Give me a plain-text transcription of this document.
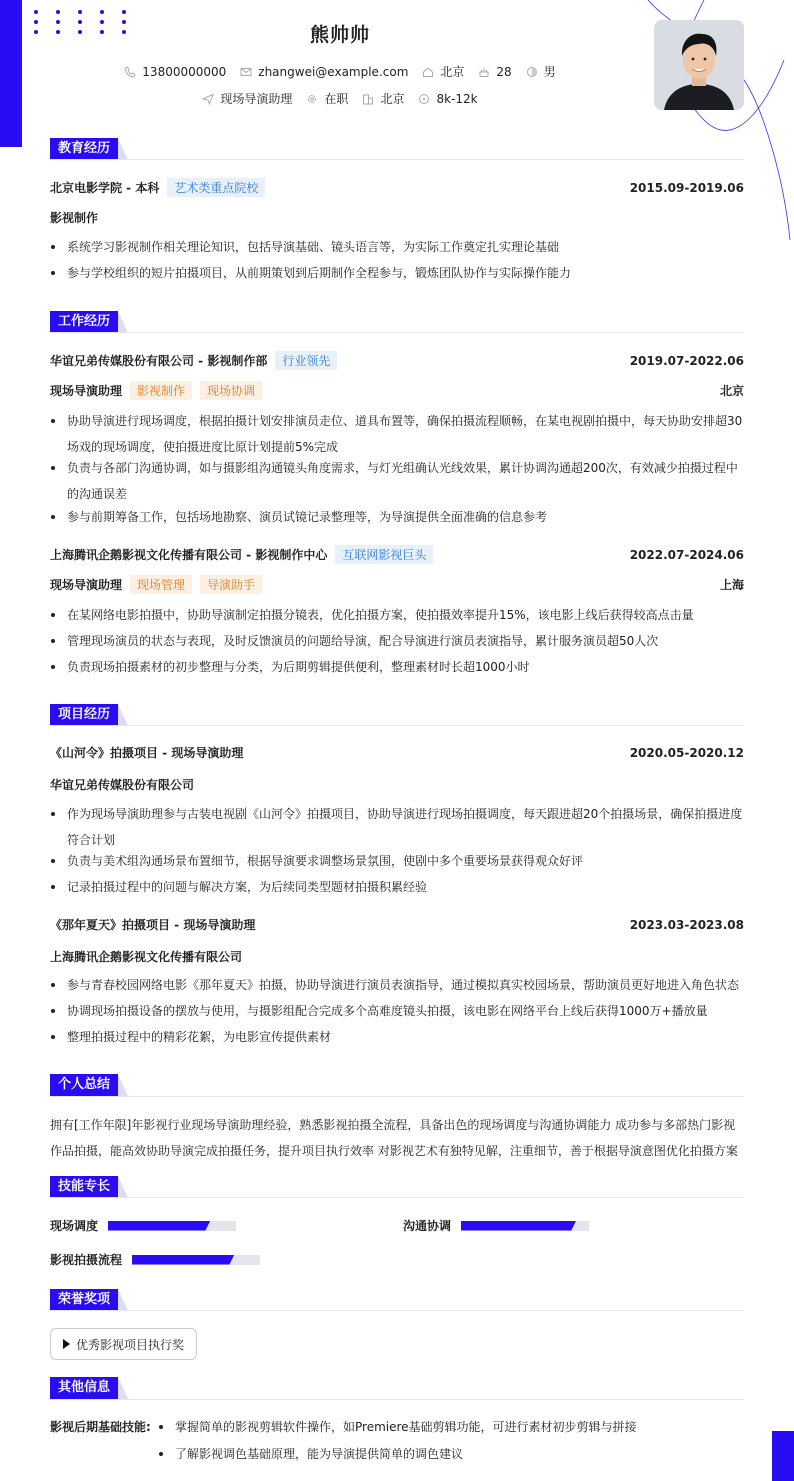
熊帅帅
13800000000	zhangwei@example.com	北京	28	男
现场导演助理	在职	北京	8k-12k
教育经历
北京电影学院 - 本科	艺术类重点院校	2015.09-2019.06
影视制作
系统学习影视制作相关理论知识，包括导演基础、镜头语言等，为实际工作奠定扎实理论基础
参与学校组织的短片拍摄项目，从前期策划到后期制作全程参与，锻炼团队协作与实际操作能力
工作经历
华谊兄弟传媒股份有限公司 - 影视制作部	行业领先	2019.07-2022.06
现场导演助理	影视制作	现场协调	北京
协助导演进行现场调度，根据拍摄计划安排演员走位、道具布置等，确保拍摄流程顺畅，在某电视剧拍摄中，每天协助安排超30场戏的现场调度，使拍摄进度比原计划提前5%完成
负责与各部门沟通协调，如与摄影组沟通镜头角度需求，与灯光组确认光线效果，累计协调沟通超200次，有效减少拍摄过程中的沟通误差
参与前期筹备工作，包括场地勘察、演员试镜记录整理等，为导演提供全面准确的信息参考
上海腾讯企鹅影视文化传播有限公司 - 影视制作中心	互联网影视巨头	2022.07-2024.06
现场导演助理	现场管理	导演助手	上海
在某网络电影拍摄中，协助导演制定拍摄分镜表，优化拍摄方案，使拍摄效率提升15%，该电影上线后获得较高点击量
管理现场演员的状态与表现，及时反馈演员的问题给导演，配合导演进行演员表演指导，累计服务演员超50人次
负责现场拍摄素材的初步整理与分类，为后期剪辑提供便利，整理素材时长超1000小时
项目经历
《山河令》拍摄项目 - 现场导演助理	2020.05-2020.12
华谊兄弟传媒股份有限公司
作为现场导演助理参与古装电视剧《山河令》拍摄项目，协助导演进行现场拍摄调度，每天跟进超20个拍摄场景，确保拍摄进度符合计划
负责与美术组沟通场景布置细节，根据导演要求调整场景氛围，使剧中多个重要场景获得观众好评
记录拍摄过程中的问题与解决方案，为后续同类型题材拍摄积累经验
《那年夏天》拍摄项目 - 现场导演助理	2023.03-2023.08
上海腾讯企鹅影视文化传播有限公司
参与青春校园网络电影《那年夏天》拍摄，协助导演进行演员表演指导，通过模拟真实校园场景，帮助演员更好地进入角色状态
协调现场拍摄设备的摆放与使用，与摄影组配合完成多个高难度镜头拍摄，该电影在网络平台上线后获得1000万+播放量
整理拍摄过程中的精彩花絮，为电影宣传提供素材
个人总结
拥有[工作年限]年影视行业现场导演助理经验，熟悉影视拍摄全流程，具备出色的现场调度与沟通协调能力 成功参与多部热门影视作品拍摄，能高效协助导演完成拍摄任务，提升项目执行效率 对影视艺术有独特见解，注重细节，善于根据导演意图优化拍摄方案
技能专长
现场调度	沟通协调
影视拍摄流程
荣誉奖项
优秀影视项目执行奖
其他信息
影视后期基础技能:	掌握简单的影视剪辑软件操作，如Premiere基础剪辑功能，可进行素材初步剪辑与拼接
了解影视调色基础原理，能为导演提供简单的调色建议
